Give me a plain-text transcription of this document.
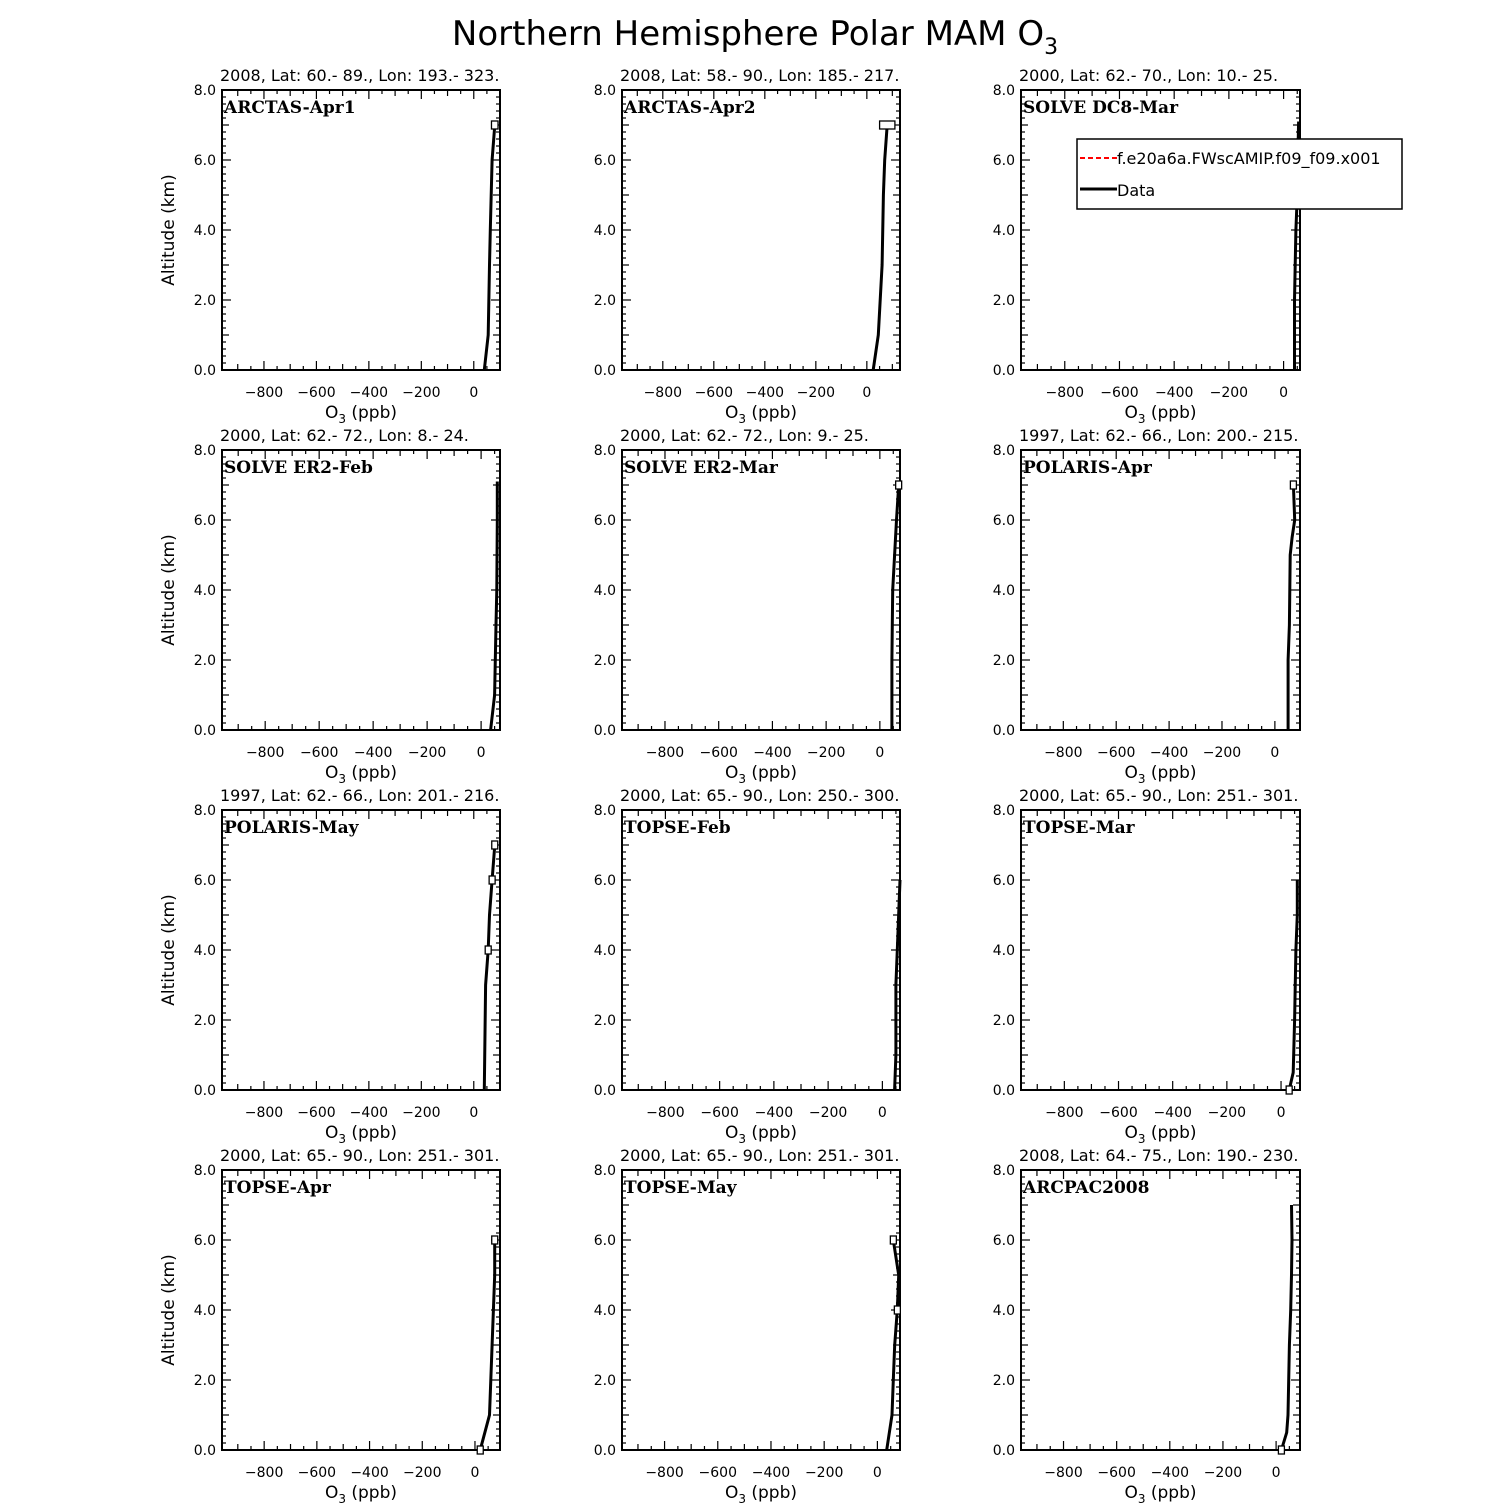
Northern Hemisphere Polar MAM $O_3$
0.0
2.0
4.0
6.0
8.0
−800 −600 −400 −200 0
$O_3$ (ppb)
Altitude (km)
2008, Lat: 60.- 89., Lon: 193.- 323.
ARCTAS-Apr1
0.0
2.0
4.0
6.0
8.0
−800 −600 −400 −200 0
$O_3$ (ppb)
2008, Lat: 58.- 90., Lon: 185.- 217.
ARCTAS-Apr2
0.0
2.0
4.0
6.0
8.0
−800 −600 −400 −200 0
$O_3$ (ppb)
2000, Lat: 62.- 70., Lon: 10.- 25.
SOLVE DC8-Mar
0.0
2.0
4.0
6.0
8.0
−800 −600 −400 −200 0
$O_3$ (ppb)
Altitude (km)
2000, Lat: 62.- 72., Lon: 8.- 24.
SOLVE ER2-Feb
0.0
2.0
4.0
6.0
8.0
−800 −600 −400 −200 0
$O_3$ (ppb)
2000, Lat: 62.- 72., Lon: 9.- 25.
SOLVE ER2-Mar
0.0
2.0
4.0
6.0
8.0
−800 −600 −400 −200 0
$O_3$ (ppb)
1997, Lat: 62.- 66., Lon: 200.- 215.
POLARIS-Apr
0.0
2.0
4.0
6.0
8.0
−800 −600 −400 −200 0
$O_3$ (ppb)
Altitude (km)
1997, Lat: 62.- 66., Lon: 201.- 216.
POLARIS-May
0.0
2.0
4.0
6.0
8.0
−800 −600 −400 −200 0
$O_3$ (ppb)
2000, Lat: 65.- 90., Lon: 250.- 300.
TOPSE-Feb
0.0
2.0
4.0
6.0
8.0
−800 −600 −400 −200 0
$O_3$ (ppb)
2000, Lat: 65.- 90., Lon: 251.- 301.
TOPSE-Mar
0.0
2.0
4.0
6.0
8.0
−800 −600 −400 −200 0
$O_3$ (ppb)
Altitude (km)
2000, Lat: 65.- 90., Lon: 251.- 301.
TOPSE-Apr
0.0
2.0
4.0
6.0
8.0
−800 −600 −400 −200 0
$O_3$ (ppb)
2000, Lat: 65.- 90., Lon: 251.- 301.
TOPSE-May
0.0
2.0
4.0
6.0
8.0
−800 −600 −400 −200 0
$O_3$ (ppb)
2008, Lat: 64.- 75., Lon: 190.- 230.
ARCPAC2008
f.e20a6a.FWscAMIP.f09_f09.x001
Data
